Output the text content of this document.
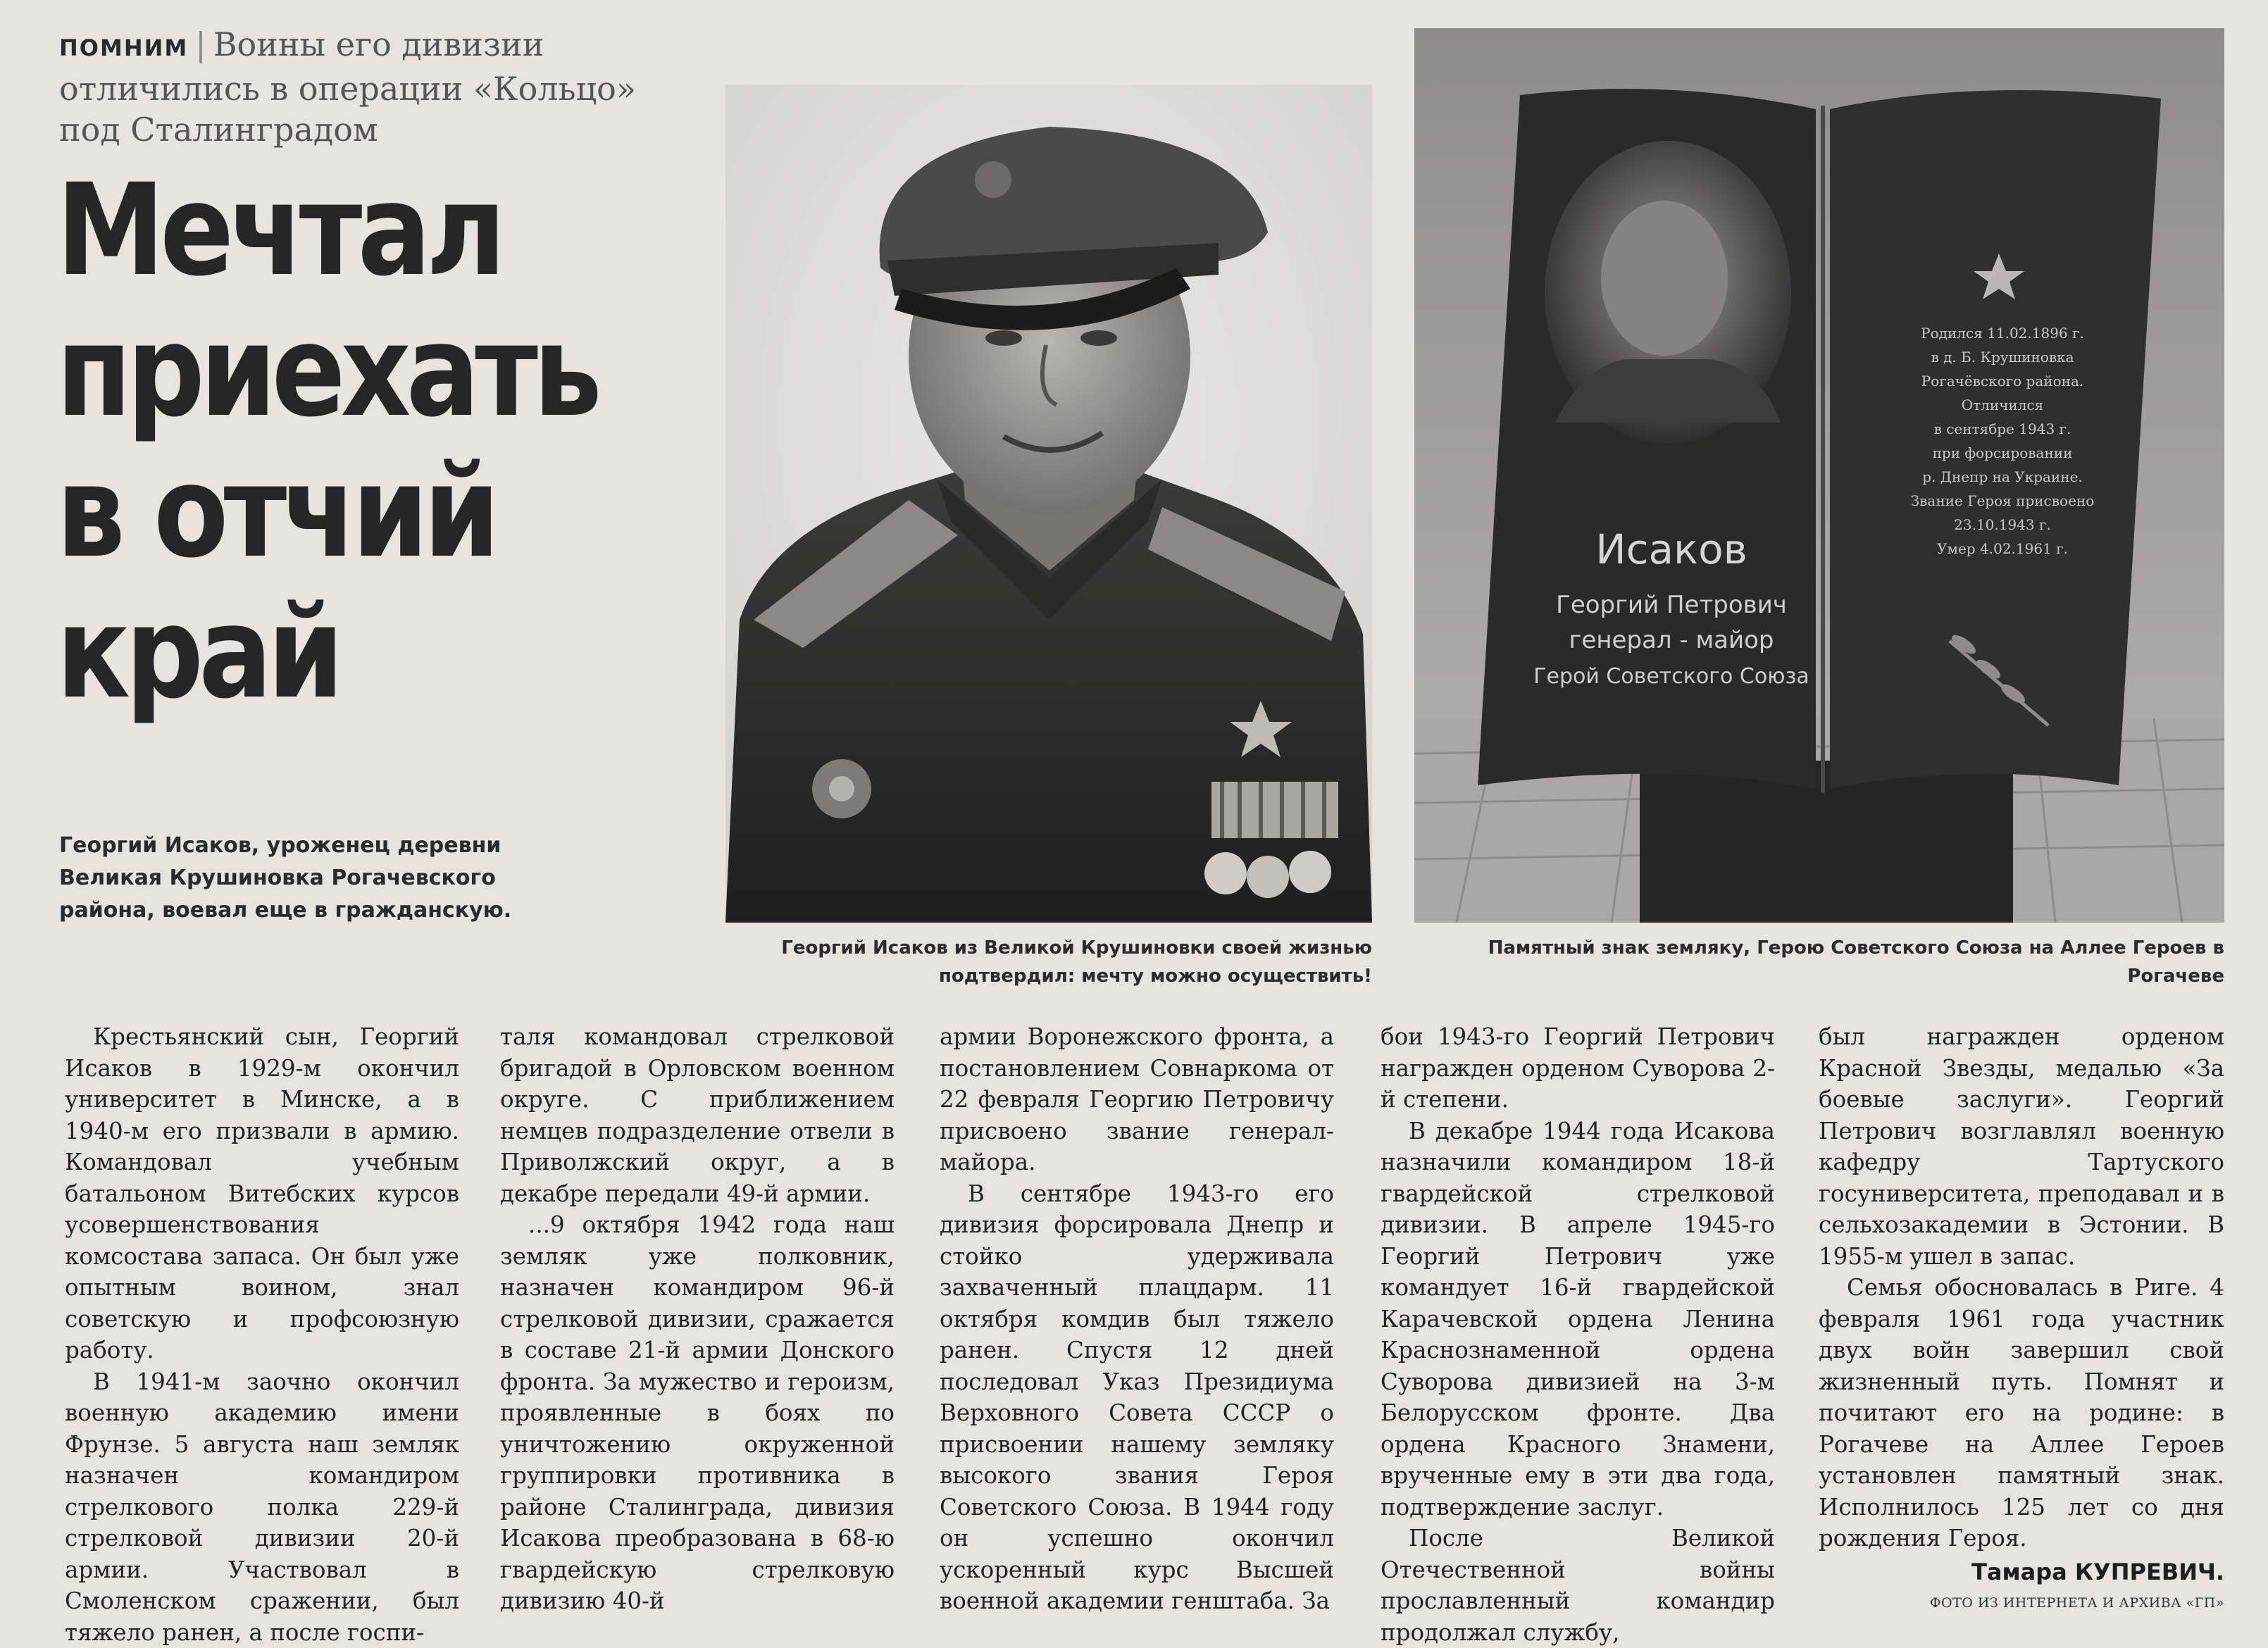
ПОМНИМ | Воины его дивизии отличились в операции «Кольцо» под Сталинградом
Мечтал
приехать
в отчий
край
Георгий Исаков, уроженец деревни Великая Крушиновка Рогачевского района, воевал еще в гражданскую.
Исаков
Георгий Петрович
генерал - майор
Герой Советского Союза
Родился 11.02.1896 г.
в д. Б. Крушиновка
Рогачёвского района.
Отличился
в сентябре 1943 г.
при форсировании
р. Днепр на Украине.
Звание Героя присвоено
23.10.1943 г.
Умер 4.02.1961 г.
Георгий Исаков из Великой Крушиновки своей жизнью подтвердил: мечту можно осуществить!
Памятный знак земляку, Герою Советского Союза на Аллее Героев в Рогачеве

Крестьянский сын, Георгий Исаков в 1929-м окончил университет в Минске, а в 1940-м его призвали в армию. Командовал учебным батальоном Витебских курсов усовершенствования комсостава запаса. Он был уже опытным воином, знал советскую и профсоюзную работу.

В 1941-м заочно окончил военную академию имени Фрунзе. 5 августа наш земляк назначен командиром стрелкового полка 229-й стрелковой дивизии 20-й армии. Участвовал в Смоленском сражении, был тяжело ранен, а после госпи-

таля командовал стрелковой бригадой в Орловском военном округе. С приближением немцев подразделение отвели в Приволжский округ, а в декабре передали 49-й армии.

...9 октября 1942 года наш земляк уже полковник, назначен командиром 96-й стрелковой дивизии, сражается в составе 21-й армии Донского фронта. За мужество и героизм, проявленные в боях по уничтожению окруженной группировки противника в районе Сталинграда, дивизия Исакова преобразована в 68-ю гвардейскую стрелковую дивизию 40-й

армии Воронежского фронта, а постановлением Совнаркома от 22 февраля Георгию Петровичу присвоено звание генерал-майора.

В сентябре 1943-го его дивизия форсировала Днепр и стойко удерживала захваченный плацдарм. 11 октября комдив был тяжело ранен. Спустя 12 дней последовал Указ Президиума Верховного Совета СССР о присвоении нашему земляку высокого звания Героя Советского Союза. В 1944 году он успешно окончил ускоренный курс Высшей военной академии генштаба. За

бои 1943-го Георгий Петрович награжден орденом Суворова 2-й степени.

В декабре 1944 года Исакова назначили командиром 18-й гвардейской стрелковой дивизии. В апреле 1945-го Георгий Петрович уже командует 16-й гвардейской Карачевской ордена Ленина Краснознаменной ордена Суворова дивизией на 3-м Белорусском фронте. Два ордена Красного Знамени, врученные ему в эти два года, подтверждение заслуг.

После Великой Отечественной войны прославленный командир продолжал службу,

был награжден орденом Красной Звезды, медалью «За боевые заслуги». Георгий Петрович возглавлял военную кафедру Тартуского госуниверситета, преподавал и в сельхозакадемии в Эстонии. В 1955-м ушел в запас.

Семья обосновалась в Риге. 4 февраля 1961 года участник двух войн завершил свой жизненный путь. Помнят и почитают его на родине: в Рогачеве на Аллее Героев установлен памятный знак. Исполнилось 125 лет со дня рождения Героя.

Тамара КУПРЕВИЧ.
ФОТО ИЗ ИНТЕРНЕТА И АРХИВА «ГП»
